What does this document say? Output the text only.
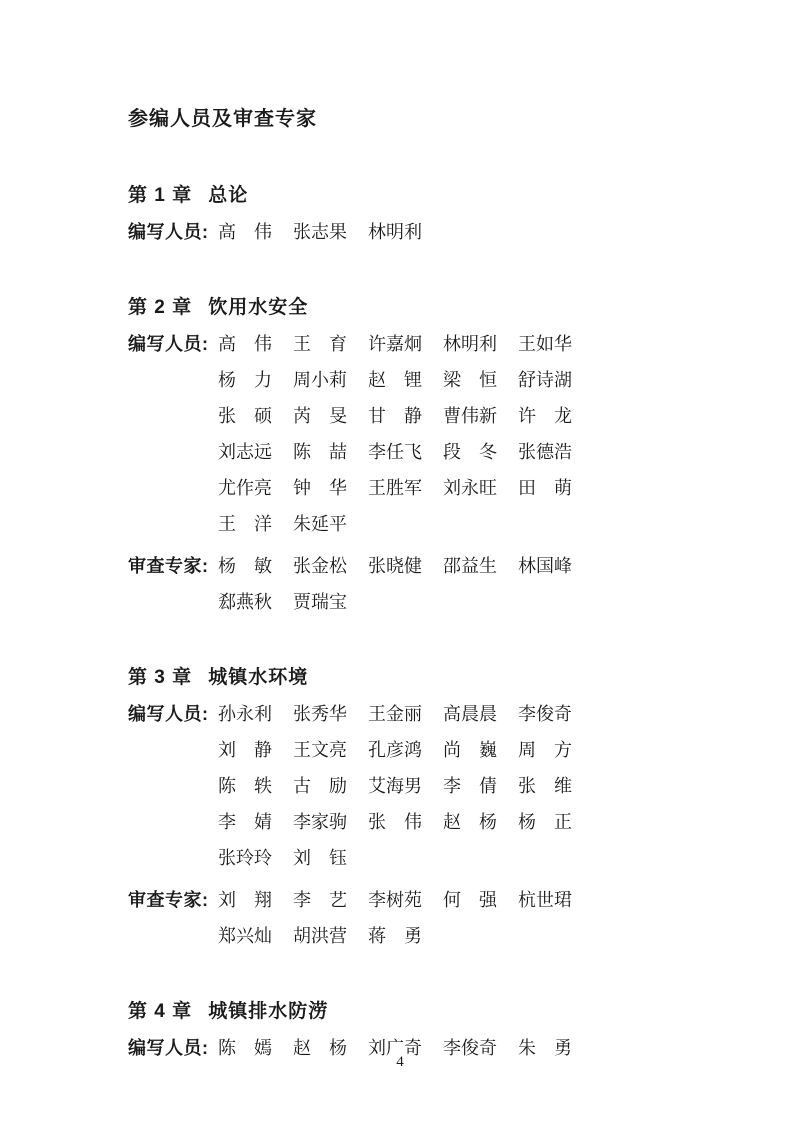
参编人员及审查专家
第 1 章 总论
编写人员: 高　伟 张志果 林明利
第 2 章 饮用水安全
编写人员: 高　伟 王　育 许嘉炯 林明利 王如华
杨　力 周小莉 赵　锂 梁　恒 舒诗湖
张　硕 芮　旻 甘　静 曹伟新 许　龙
刘志远 陈　喆 李任飞 段　冬 张德浩
尤作亮 钟　华 王胜军 刘永旺 田　萌
王　洋 朱延平
审查专家: 杨　敏 张金松 张晓健 邵益生 林国峰
郄燕秋 贾瑞宝
第 3 章 城镇水环境
编写人员: 孙永利 张秀华 王金丽 高晨晨 李俊奇
刘　静 王文亮 孔彦鸿 尚　巍 周　方
陈　轶 古　励 艾海男 李　倩 张　维
李　婧 李家驹 张　伟 赵　杨 杨　正
张玲玲 刘　钰
审查专家: 刘　翔 李　艺 李树苑 何　强 杭世珺
郑兴灿 胡洪营 蒋　勇
第 4 章 城镇排水防涝
编写人员: 陈　嫣 赵　杨 刘广奇 李俊奇 朱　勇
4
